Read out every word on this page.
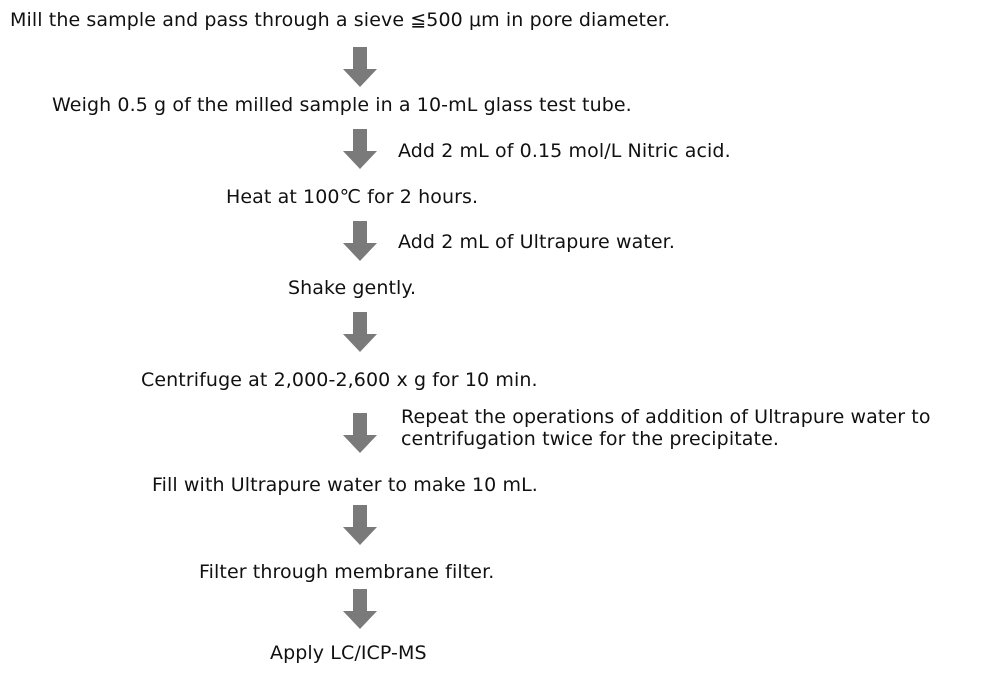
Mill the sample and pass through a sieve ≦500 μm in pore diameter.
Weigh 0.5 g of the milled sample in a 10-mL glass test tube.
Add 2 mL of 0.15 mol/L Nitric acid.
Heat at 100℃ for 2 hours.
Add 2 mL of Ultrapure water.
Shake gently.
Centrifuge at 2,000-2,600 x g for 10 min.
Repeat the operations of addition of Ultrapure water to
centrifugation twice for the precipitate.
Fill with Ultrapure water to make 10 mL.
Filter through membrane filter.
Apply LC/ICP-MS
